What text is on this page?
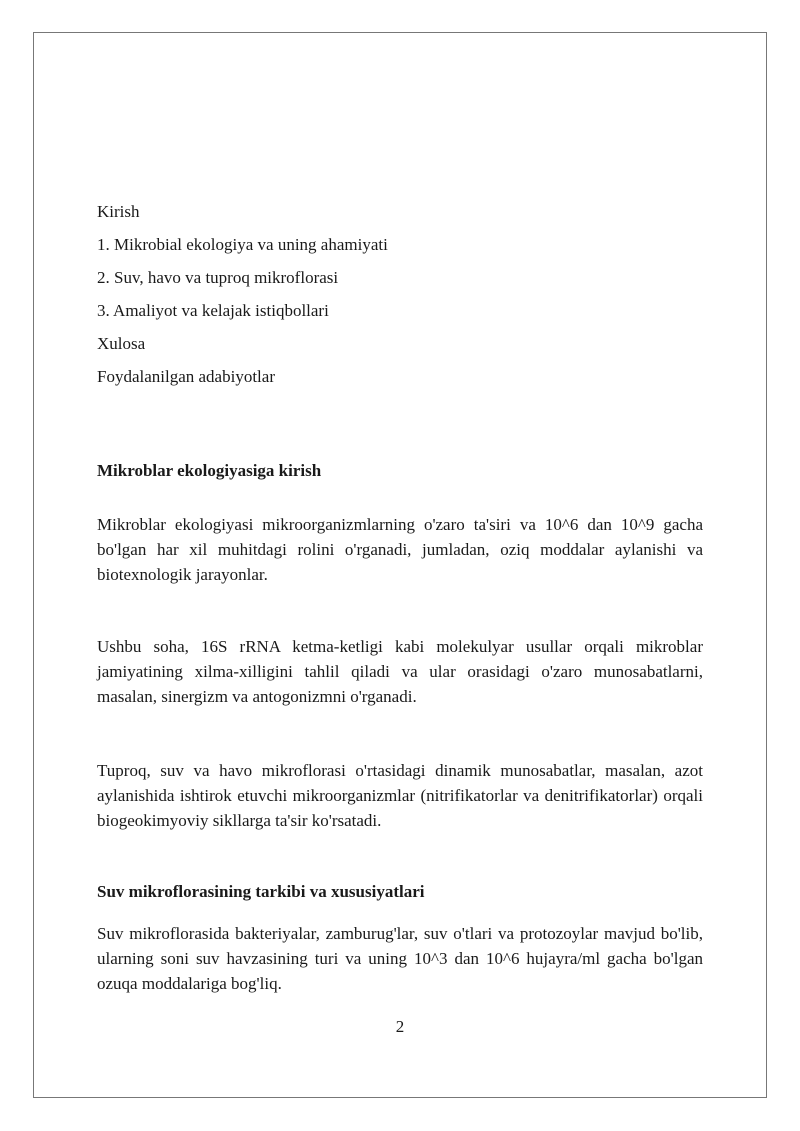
Kirish
1. Mikrobial ekologiya va uning ahamiyati
2. Suv, havo va tuproq mikroflorasi
3. Amaliyot va kelajak istiqbollari
Xulosa
Foydalanilgan adabiyotlar
Mikroblar ekologiyasiga kirish

Mikroblar ekologiyasi mikroorganizmlarning o'zaro ta'siri va 10^6 dan 10^9 gacha bo'lgan har xil muhitdagi rolini o'rganadi, jumladan, oziq moddalar aylanishi va biotexnologik jarayonlar.

Ushbu soha, 16S rRNA ketma-ketligi kabi molekulyar usullar orqali mikroblar jamiyatining xilma-xilligini tahlil qiladi va ular orasidagi o'zaro munosabatlarni, masalan, sinergizm va antogonizmni o'rganadi.

Tuproq, suv va havo mikroflorasi o'rtasidagi dinamik munosabatlar, masalan, azot aylanishida ishtirok etuvchi mikroorganizmlar (nitrifikatorlar va denitrifikatorlar) orqali biogeokimyoviy sikllarga ta'sir ko'rsatadi.

Suv mikroflorasining tarkibi va xususiyatlari

Suv mikroflorasida bakteriyalar, zamburug'lar, suv o'tlari va protozoylar mavjud bo'lib, ularning soni suv havzasining turi va uning 10^3 dan 10^6 hujayra/ml gacha bo'lgan ozuqa moddalariga bog'liq.

2
